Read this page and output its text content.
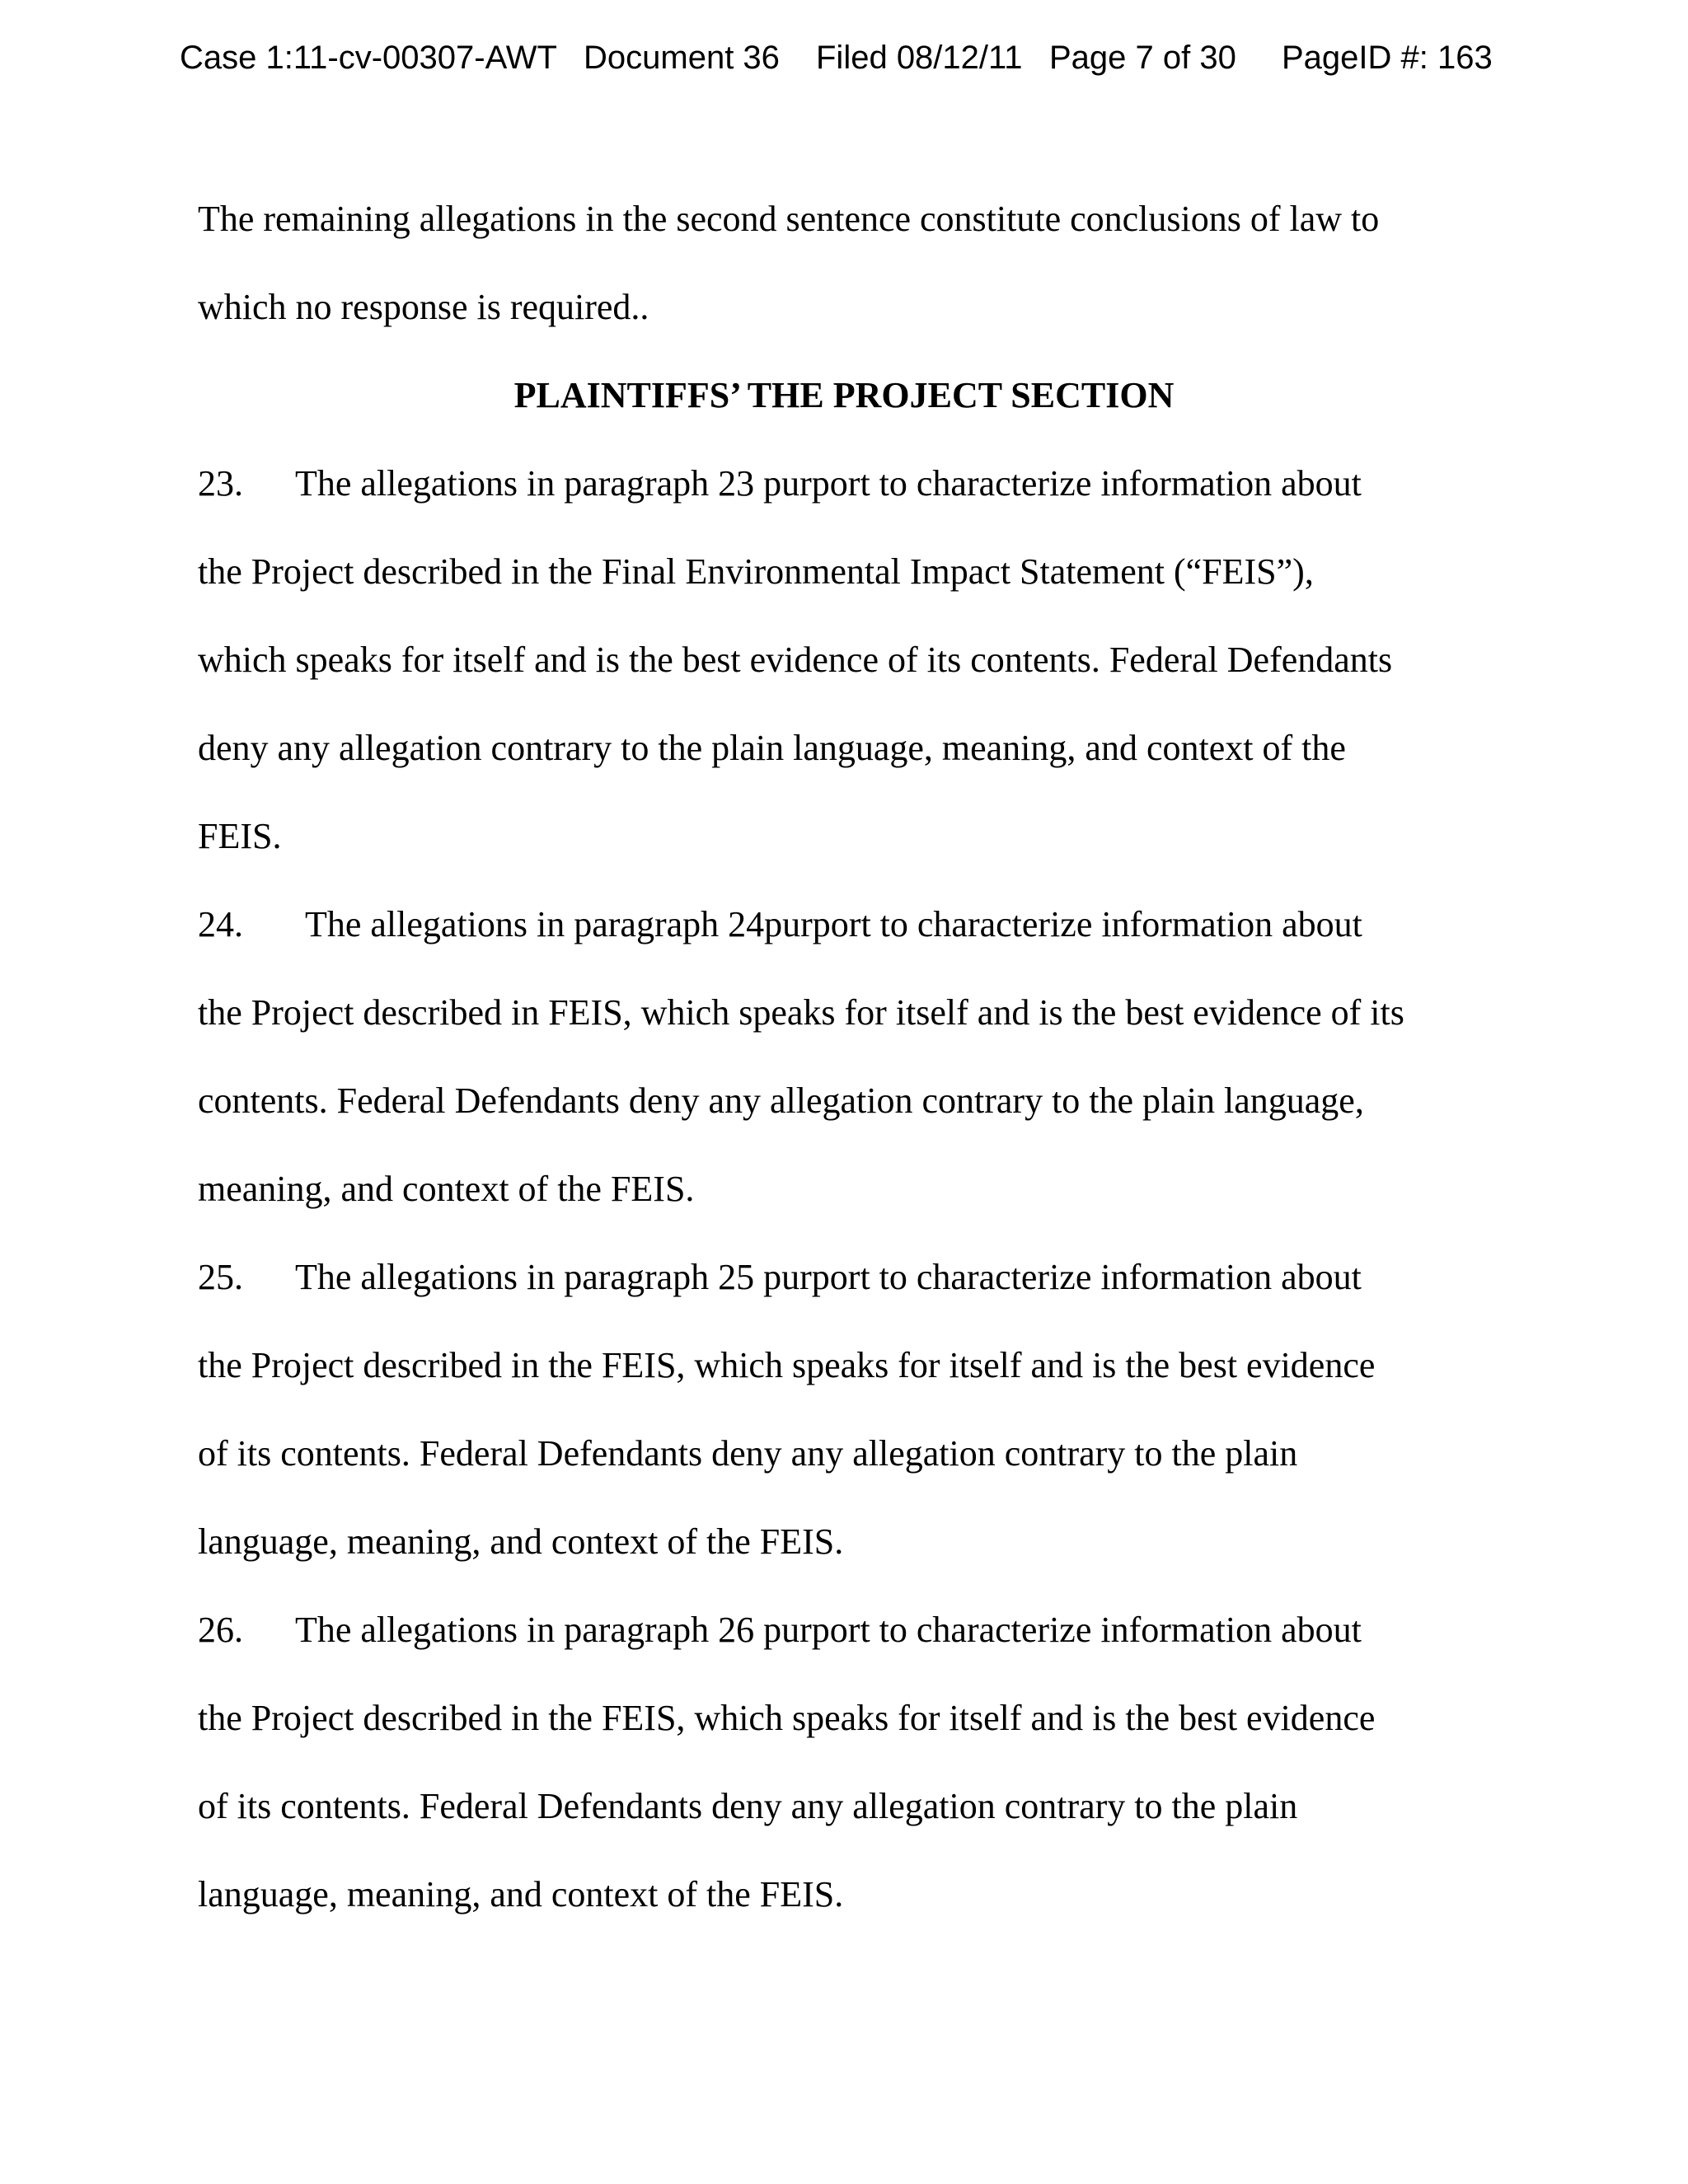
Case 1:11-cv-00307-AWT Document 36 Filed 08/12/11 Page 7 of 30 PageID #: 163
The remaining allegations in the second sentence constitute conclusions of law to
which no response is required..
PLAINTIFFS’ THE PROJECT SECTION
23. The allegations in paragraph 23 purport to characterize information about
the Project described in the Final Environmental Impact Statement (“FEIS”),
which speaks for itself and is the best evidence of its contents. Federal Defendants
deny any allegation contrary to the plain language, meaning, and context of the
FEIS.
24. The allegations in paragraph 24purport to characterize information about
the Project described in FEIS, which speaks for itself and is the best evidence of its
contents. Federal Defendants deny any allegation contrary to the plain language,
meaning, and context of the FEIS.
25. The allegations in paragraph 25 purport to characterize information about
the Project described in the FEIS, which speaks for itself and is the best evidence
of its contents. Federal Defendants deny any allegation contrary to the plain
language, meaning, and context of the FEIS.
26. The allegations in paragraph 26 purport to characterize information about
the Project described in the FEIS, which speaks for itself and is the best evidence
of its contents. Federal Defendants deny any allegation contrary to the plain
language, meaning, and context of the FEIS.
